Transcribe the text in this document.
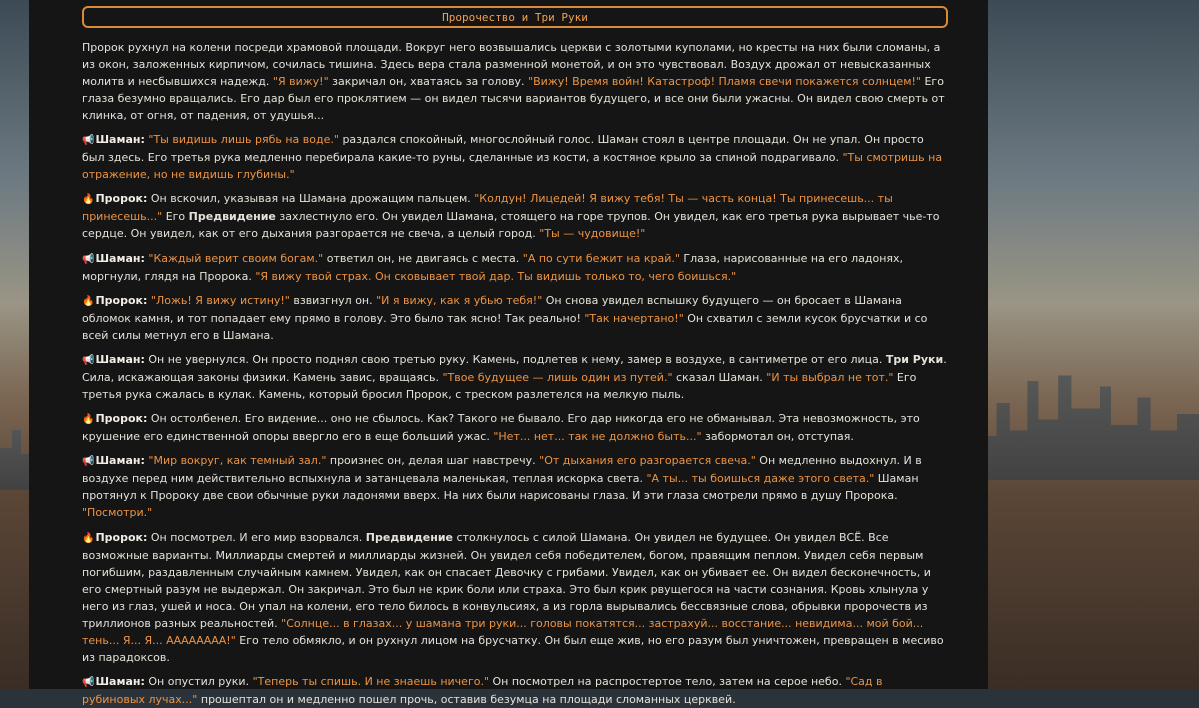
Пророчество и Три Руки

Пророк рухнул на колени посреди храмовой площади. Вокруг него возвышались церкви с золотыми куполами, но кресты на них были сломаны, а из окон, заложенных кирпичом, сочилась тишина. Здесь вера стала разменной монетой, и он это чувствовал. Воздух дрожал от невысказанных молитв и несбывшихся надежд. "Я вижу!" закричал он, хватаясь за голову. "Вижу! Время войн! Катастроф! Пламя свечи покажется солнцем!" Его глаза безумно вращались. Его дар был его проклятием — он видел тысячи вариантов будущего, и все они были ужасны. Он видел свою смерть от клинка, от огня, от падения, от удушья...

📢Шаман: "Ты видишь лишь рябь на воде." раздался спокойный, многослойный голос. Шаман стоял в центре площади. Он не упал. Он просто был здесь. Его третья рука медленно перебирала какие-то руны, сделанные из кости, а костяное крыло за спиной подрагивало. "Ты смотришь на отражение, но не видишь глубины."

🔥Пророк: Он вскочил, указывая на Шамана дрожащим пальцем. "Колдун! Лицедей! Я вижу тебя! Ты — часть конца! Ты принесешь... ты принесешь..." Его Предвидение захлестнуло его. Он увидел Шамана, стоящего на горе трупов. Он увидел, как его третья рука вырывает чье-то сердце. Он увидел, как от его дыхания разгорается не свеча, а целый город. "Ты — чудовище!"

📢Шаман: "Каждый верит своим богам." ответил он, не двигаясь с места. "А по сути бежит на край." Глаза, нарисованные на его ладонях, моргнули, глядя на Пророка. "Я вижу твой страх. Он сковывает твой дар. Ты видишь только то, чего боишься."

🔥Пророк: "Ложь! Я вижу истину!" взвизгнул он. "И я вижу, как я убью тебя!" Он снова увидел вспышку будущего — он бросает в Шамана обломок камня, и тот попадает ему прямо в голову. Это было так ясно! Так реально! "Так начертано!" Он схватил с земли кусок брусчатки и со всей силы метнул его в Шамана.

📢Шаман: Он не увернулся. Он просто поднял свою третью руку. Камень, подлетев к нему, замер в воздухе, в сантиметре от его лица. Три Руки. Сила, искажающая законы физики. Камень завис, вращаясь. "Твое будущее — лишь один из путей." сказал Шаман. "И ты выбрал не тот." Его третья рука сжалась в кулак. Камень, который бросил Пророк, с треском разлетелся на мелкую пыль.

🔥Пророк: Он остолбенел. Его видение... оно не сбылось. Как? Такого не бывало. Его дар никогда его не обманывал. Эта невозможность, это крушение его единственной опоры ввергло его в еще больший ужас. "Нет... нет... так не должно быть..." забормотал он, отступая.

📢Шаман: "Мир вокруг, как темный зал." произнес он, делая шаг навстречу. "От дыхания его разгорается свеча." Он медленно выдохнул. И в воздухе перед ним действительно вспыхнула и затанцевала маленькая, теплая искорка света. "А ты... ты боишься даже этого света." Шаман протянул к Пророку две свои обычные руки ладонями вверх. На них были нарисованы глаза. И эти глаза смотрели прямо в душу Пророка. "Посмотри."

🔥Пророк: Он посмотрел. И его мир взорвался. Предвидение столкнулось с силой Шамана. Он увидел не будущее. Он увидел ВСЁ. Все возможные варианты. Миллиарды смертей и миллиарды жизней. Он увидел себя победителем, богом, правящим пеплом. Увидел себя первым погибшим, раздавленным случайным камнем. Увидел, как он спасает Девочку с грибами. Увидел, как он убивает ее. Он видел бесконечность, и его смертный разум не выдержал. Он закричал. Это был не крик боли или страха. Это был крик рвущегося на части сознания. Кровь хлынула у него из глаз, ушей и носа. Он упал на колени, его тело билось в конвульсиях, а из горла вырывались бессвязные слова, обрывки пророчеств из триллионов разных реальностей. "Солнце... в глазах... у шамана три руки... головы покатятся... застрахуй... восстание... невидима... мой бой... тень... Я... Я... АААААААА!" Его тело обмякло, и он рухнул лицом на брусчатку. Он был еще жив, но его разум был уничтожен, превращен в месиво из парадоксов.

📢Шаман: Он опустил руки. "Теперь ты спишь. И не знаешь ничего." Он посмотрел на распростертое тело, затем на серое небо. "Сад в рубиновых лучах..." прошептал он и медленно пошел прочь, оставив безумца на площади сломанных церквей.
